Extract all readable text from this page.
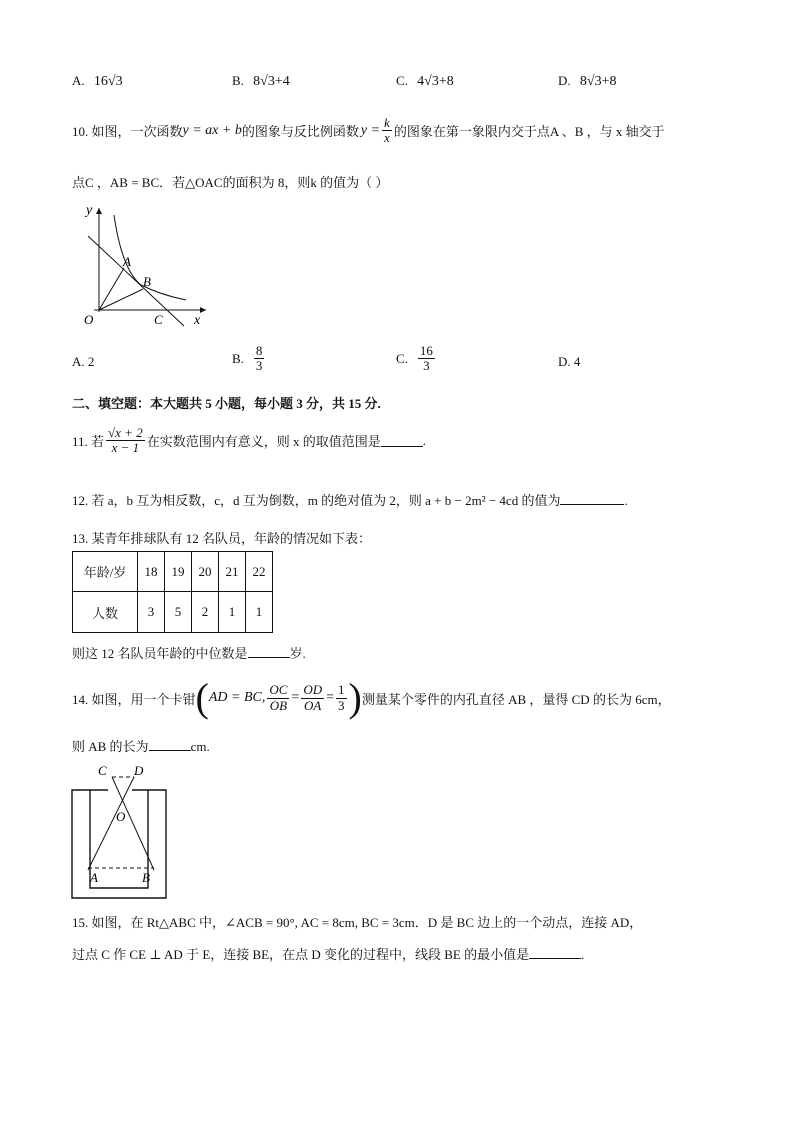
A. 16√3	B. 8√3+4	C. 4√3+8	D. 8√3+8
10. 如图，一次函数 y = ax + b 的图象与反比例函数 $y = \frac{k}{x}$ 的图象在第一象限内交于点A 、B ，与 x 轴交于
点C ，AB = BC．若△OAC的面积为 8，则k 的值为（ ）
y
x
A
B
O	C
A. 2	B. $\frac{8}{3}$	C. $\frac{16}{3}$	D. 4
二、填空题：本大题共 5 小题，每小题 3 分，共 15 分.
11. 若 $\frac{√x + 2}{x - 1}$ 在实数范围内有意义，则 x 的取值范围是	.
12. 若 a，b 互为相反数，c，d 互为倒数，m 的绝对值为 2，则 a + b − 2m² − 4cd 的值为	.
13. 某青年排球队有 12 名队员，年龄的情况如下表：
年龄/岁	18	19	20	21	22
人数	3	5	2	1	1
则这 12 名队员年龄的中位数是	岁.
14. 如图，用一个卡钳 ( AD = BC, $\frac{OC}{OB} = \frac{OD}{OA} = \frac{1}{3}$ ) 测量某个零件的内孔直径 AB ，量得 CD 的长为 6cm，
则 AB 的长为	cm.
C D
O
A	B
15. 如图，在 Rt△ABC 中，∠ACB = 90°, AC = 8cm, BC = 3cm．D 是 BC 边上的一个动点，连接 AD，
过点 C 作 CE ⊥ AD 于 E，连接 BE，在点 D 变化的过程中，线段 BE 的最小值是	.
